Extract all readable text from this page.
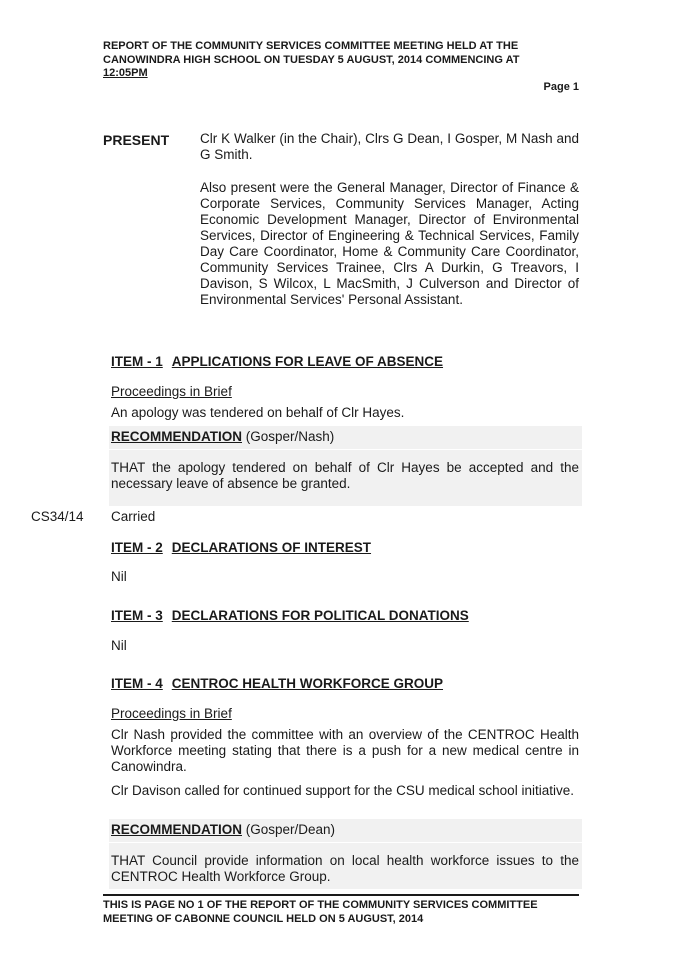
REPORT OF THE COMMUNITY SERVICES COMMITTEE MEETING HELD AT THE
CANOWINDRA HIGH SCHOOL ON TUESDAY 5 AUGUST, 2014 COMMENCING AT
12:05PM
Page 1
PRESENT Clr K Walker (in the Chair), Clrs G Dean, I Gosper, M Nash and G Smith.
Also present were the General Manager, Director of Finance & Corporate Services, Community Services Manager, Acting Economic Development Manager, Director of Environmental Services, Director of Engineering & Technical Services, Family Day Care Coordinator, Home & Community Care Coordinator, Community Services Trainee, Clrs A Durkin, G Treavors, I Davison, S Wilcox, L MacSmith, J Culverson and Director of Environmental Services' Personal Assistant.
ITEM - 1 APPLICATIONS FOR LEAVE OF ABSENCE
Proceedings in Brief
An apology was tendered on behalf of Clr Hayes.
RECOMMENDATION (Gosper/Nash)
THAT the apology tendered on behalf of Clr Hayes be accepted and the necessary leave of absence be granted.
CS34/14 Carried
ITEM - 2 DECLARATIONS OF INTEREST
Nil
ITEM - 3 DECLARATIONS FOR POLITICAL DONATIONS
Nil
ITEM - 4 CENTROC HEALTH WORKFORCE GROUP
Proceedings in Brief
Clr Nash provided the committee with an overview of the CENTROC Health Workforce meeting stating that there is a push for a new medical centre in Canowindra.
Clr Davison called for continued support for the CSU medical school initiative.
RECOMMENDATION (Gosper/Dean)
THAT Council provide information on local health workforce issues to the CENTROC Health Workforce Group.
THIS IS PAGE NO 1 OF THE REPORT OF THE COMMUNITY SERVICES COMMITTEE
MEETING OF CABONNE COUNCIL HELD ON 5 AUGUST, 2014
